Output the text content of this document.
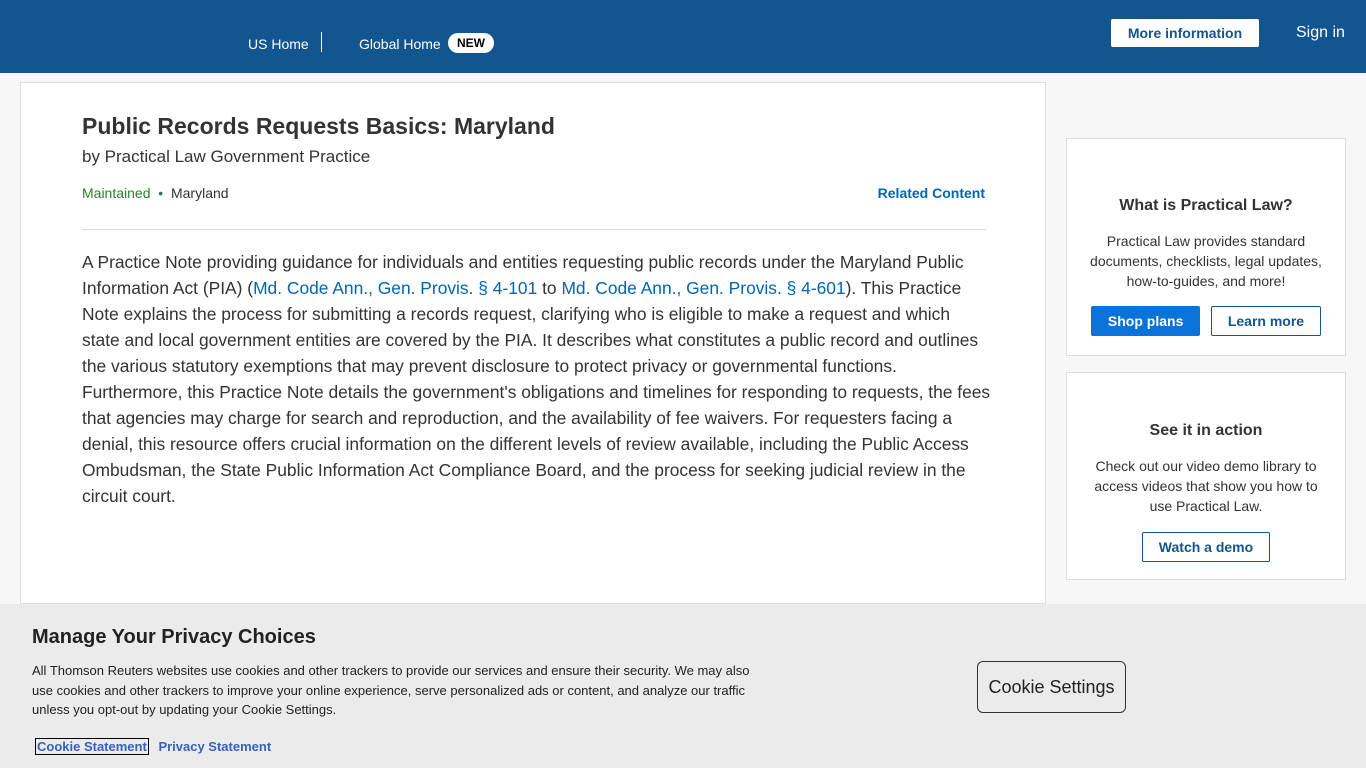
US Home	Global Home	NEW
More information	Sign in
Public Records Requests Basics: Maryland
by Practical Law Government Practice
Maintained • Maryland	Related Content
A Practice Note providing guidance for individuals and entities requesting public records under the Maryland Public Information Act (PIA) (Md. Code Ann., Gen. Provis. § 4-101 to Md. Code Ann., Gen. Provis. § 4-601). This Practice Note explains the process for submitting a records request, clarifying who is eligible to make a request and which state and local government entities are covered by the PIA. It describes what constitutes a public record and outlines the various statutory exemptions that may prevent disclosure to protect privacy or governmental functions. Furthermore, this Practice Note details the government's obligations and timelines for responding to requests, the fees that agencies may charge for search and reproduction, and the availability of fee waivers. For requesters facing a denial, this resource offers crucial information on the different levels of review available, including the Public Access Ombudsman, the State Public Information Act Compliance Board, and the process for seeking judicial review in the circuit court.
What is Practical Law?

Practical Law provides standard documents, checklists, legal updates, how-to-guides, and more!

Shop plans	Learn more
See it in action

Check out our video demo library to access videos that show you how to use Practical Law.

Watch a demo
Manage Your Privacy Choices

All Thomson Reuters websites use cookies and other trackers to provide our services and ensure their security. We may also use cookies and other trackers to improve your online experience, serve personalized ads or content, and analyze our traffic unless you opt-out by updating your Cookie Settings.

Cookie Statement Privacy Statement
Cookie Settings
